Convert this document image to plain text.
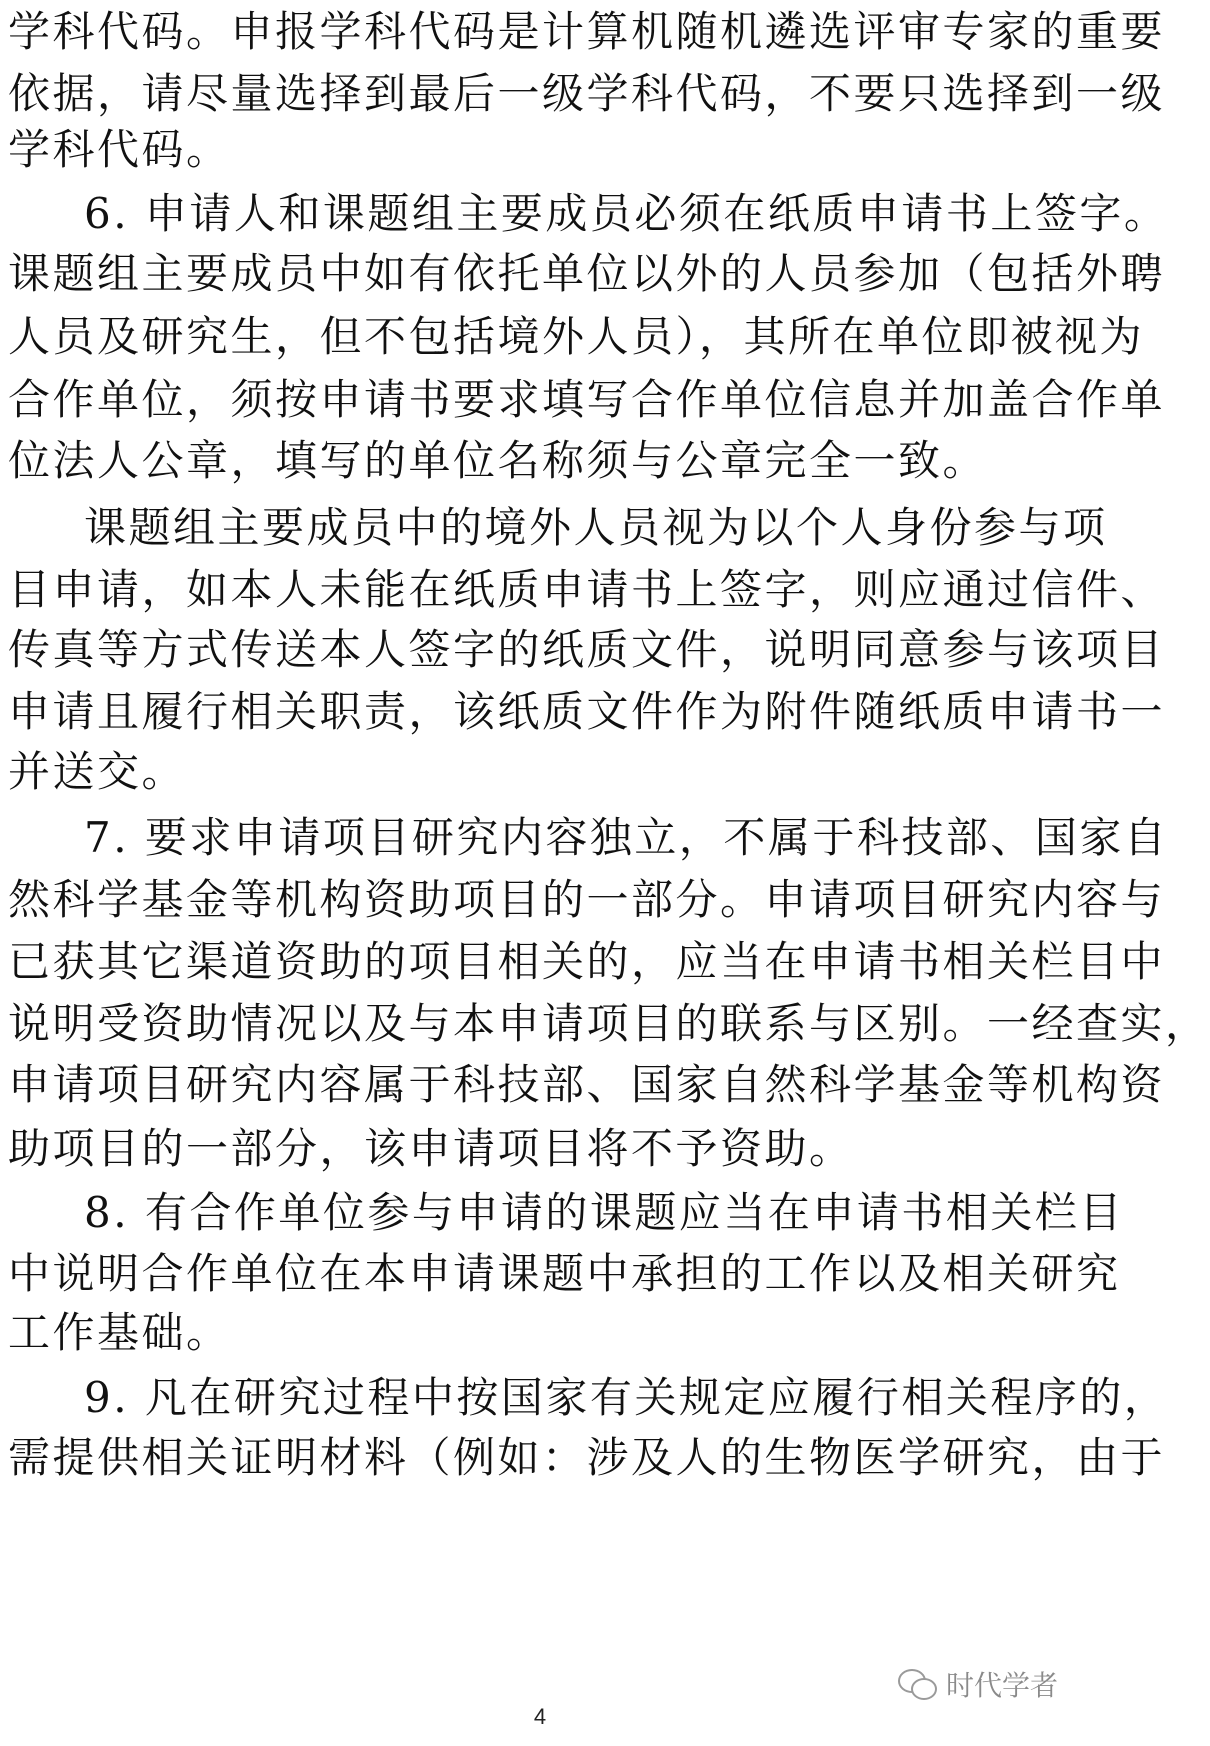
学科代码。申报学科代码是计算机随机遴选评审专家的重要
依据，请尽量选择到最后一级学科代码，不要只选择到一级
学科代码。
6. 申请人和课题组主要成员必须在纸质申请书上签字。
课题组主要成员中如有依托单位以外的人员参加（包括外聘
人员及研究生，但不包括境外人员），其所在单位即被视为
合作单位，须按申请书要求填写合作单位信息并加盖合作单
位法人公章，填写的单位名称须与公章完全一致。
课题组主要成员中的境外人员视为以个人身份参与项
目申请，如本人未能在纸质申请书上签字，则应通过信件、
传真等方式传送本人签字的纸质文件，说明同意参与该项目
申请且履行相关职责，该纸质文件作为附件随纸质申请书一
并送交。
7. 要求申请项目研究内容独立，不属于科技部、国家自
然科学基金等机构资助项目的一部分。申请项目研究内容与
已获其它渠道资助的项目相关的，应当在申请书相关栏目中
说明受资助情况以及与本申请项目的联系与区别。一经查实，
申请项目研究内容属于科技部、国家自然科学基金等机构资
助项目的一部分，该申请项目将不予资助。
8. 有合作单位参与申请的课题应当在申请书相关栏目
中说明合作单位在本申请课题中承担的工作以及相关研究
工作基础。
9. 凡在研究过程中按国家有关规定应履行相关程序的，
需提供相关证明材料（例如：涉及人的生物医学研究，由于
时代学者
4
